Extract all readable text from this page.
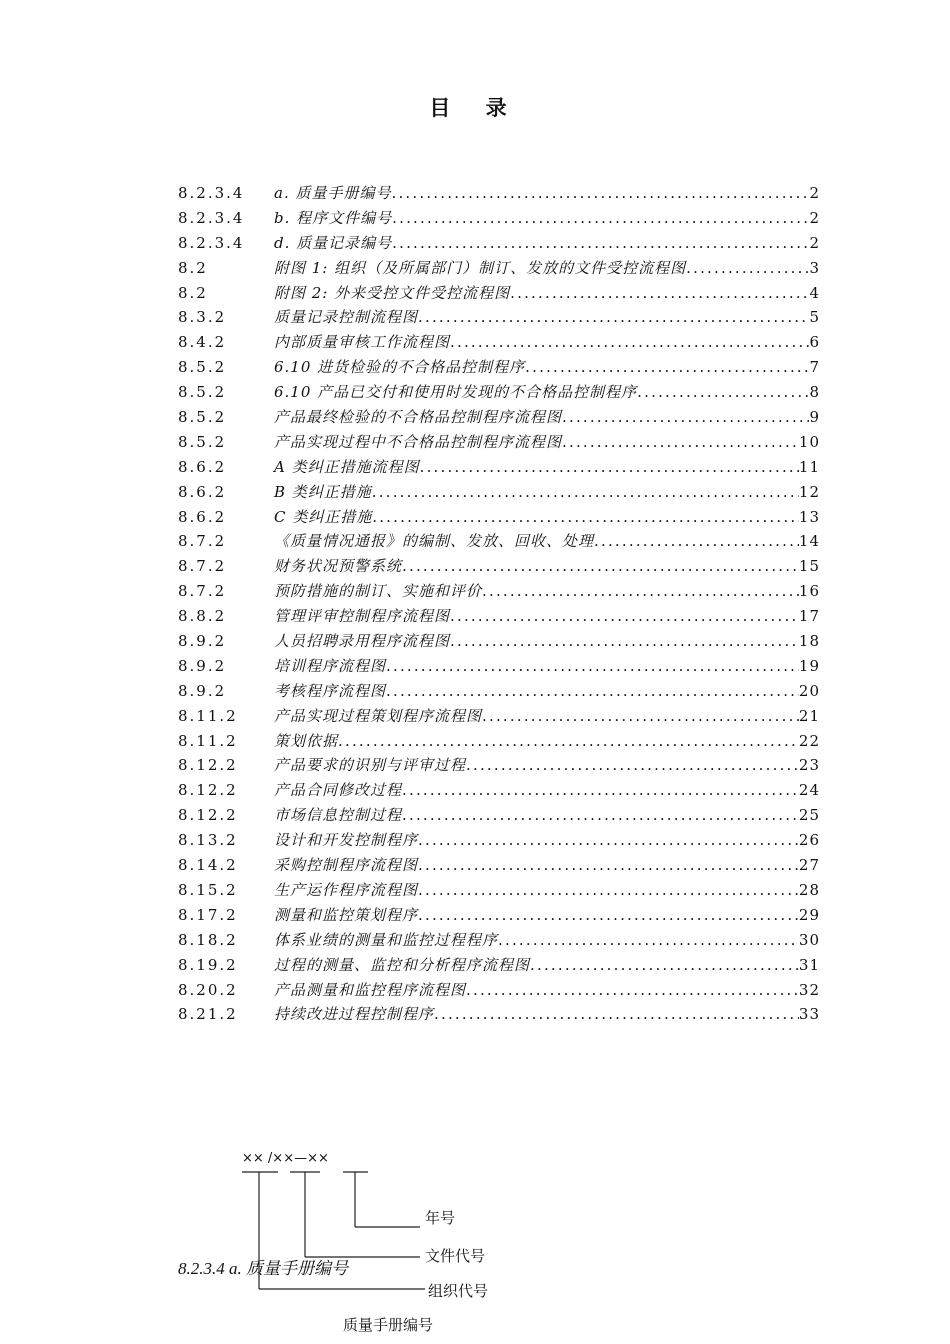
目 录
8.2.3.4	a. 质量手册编号 .....	2
8.2.3.4	b. 程序文件编号 .....	2
8.2.3.4	d. 质量记录编号 .....	2
8.2	附图 1: 组织（及所属部门）制订、发放的文件受控流程图 .....	3
8.2	附图 2: 外来受控文件受控流程图 .....	4
8.3.2	质量记录控制流程图 .....	5
8.4.2	内部质量审核工作流程图 .....	6
8.5.2	6.10 进货检验的不合格品控制程序 .....	7
8.5.2	6.10 产品已交付和使用时发现的不合格品控制程序 .....	8
8.5.2	产品最终检验的不合格品控制程序流程图 .....	9
8.5.2	产品实现过程中不合格品控制程序流程图 .....	10
8.6.2	A 类纠正措施流程图 .....	11
8.6.2	B 类纠正措施 .....	12
8.6.2	C 类纠正措施 .....	13
8.7.2	《质量情况通报》的编制、发放、回收、处理 .....	14
8.7.2	财务状况预警系统 .....	15
8.7.2	预防措施的制订、实施和评价 .....	16
8.8.2	管理评审控制程序流程图 .....	17
8.9.2	人员招聘录用程序流程图 .....	18
8.9.2	培训程序流程图 .....	19
8.9.2	考核程序流程图 .....	20
8.11.2	产品实现过程策划程序流程图 .....	21
8.11.2	策划依据 .....	22
8.12.2	产品要求的识别与评审过程 .....	23
8.12.2	产品合同修改过程 .....	24
8.12.2	市场信息控制过程 .....	25
8.13.2	设计和开发控制程序 .....	26
8.14.2	采购控制程序流程图 .....	27
8.15.2	生产运作程序流程图 .....	28
8.17.2	测量和监控策划程序 .....	29
8.18.2	体系业绩的测量和监控过程程序 .....	30
8.19.2	过程的测量、监控和分析程序流程图 .....	31
8.20.2	产品测量和监控程序流程图 .....	32
8.21.2	持续改进过程控制程序 .....	33
×× /××—××
年号
文件代号
8.2.3.4 a. 质量手册编号
组织代号
质量手册编号
